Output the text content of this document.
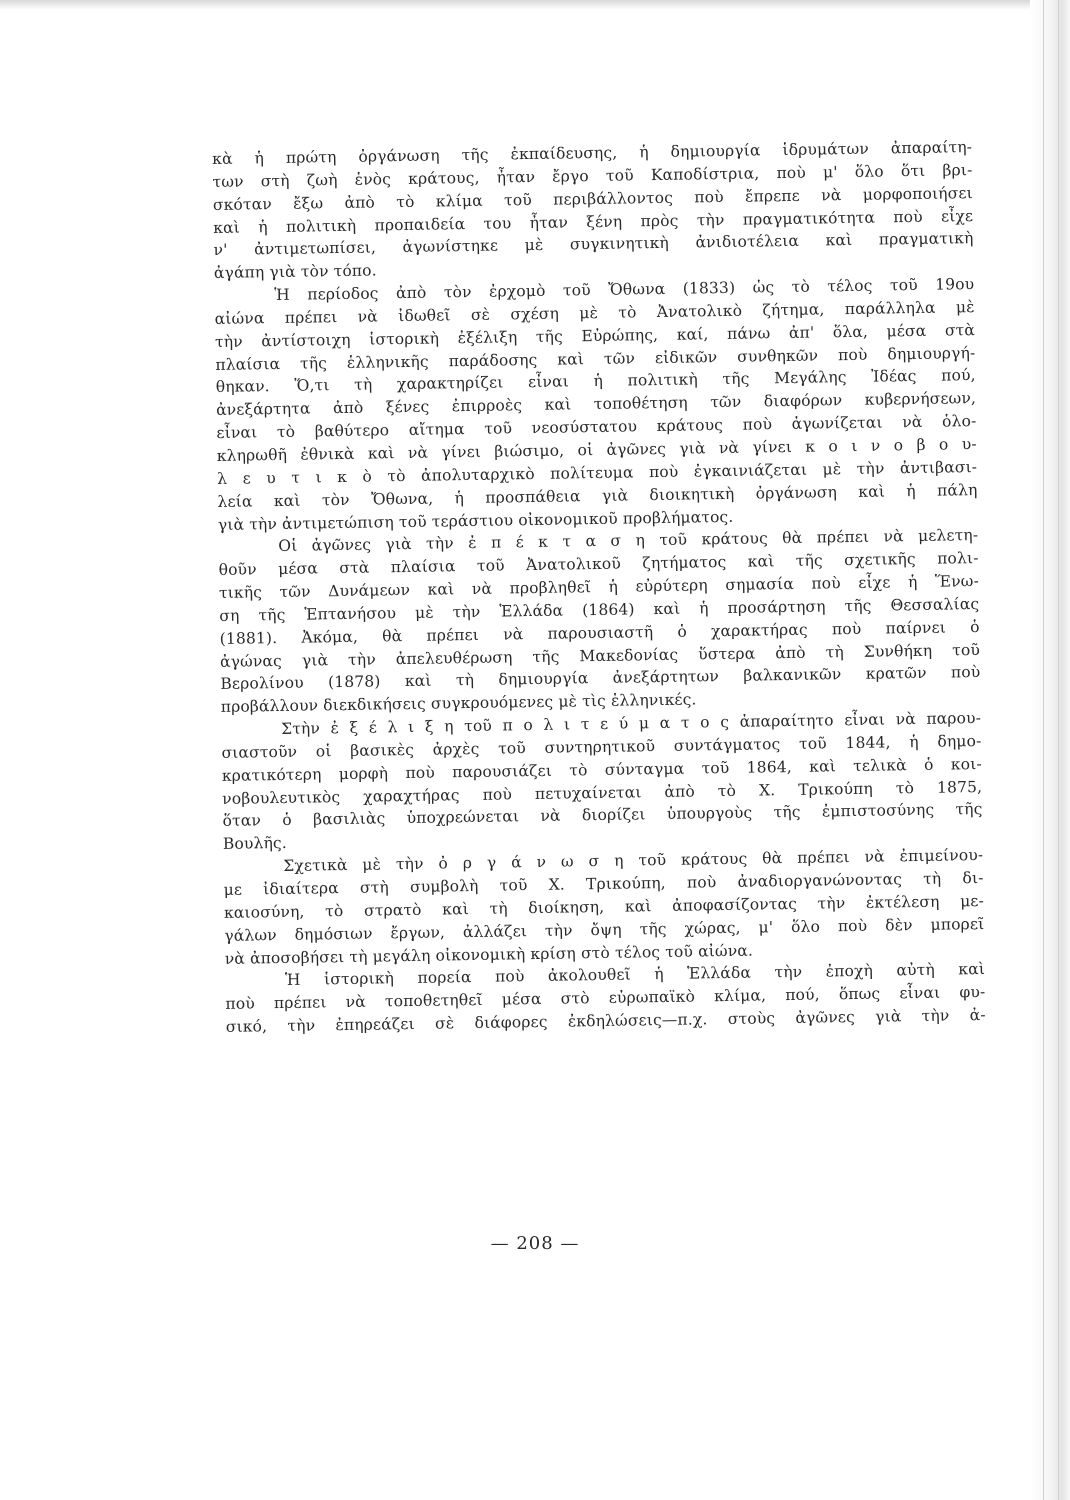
κὰ ἡ πρώτη ὀργάνωση τῆς ἐκπαίδευσης, ἡ δημιουργία ἱδρυμάτων ἀπαραίτη-
των στὴ ζωὴ ἑνὸς κράτους, ἦταν ἔργο τοῦ Καποδίστρια, ποὺ μ' ὅλο ὅτι βρι-
σκόταν ἔξω ἀπὸ τὸ κλίμα τοῦ περιβάλλοντος ποὺ ἔπρεπε νὰ μορφοποιήσει
καὶ ἡ πολιτικὴ προπαιδεία του ἦταν ξένη πρὸς τὴν πραγματικότητα ποὺ εἶχε
ν' ἀντιμετωπίσει, ἀγωνίστηκε μὲ συγκινητικὴ ἀνιδιοτέλεια καὶ πραγματικὴ
ἀγάπη γιὰ τὸν τόπο.
Ἡ περίοδος ἀπὸ τὸν ἐρχομὸ τοῦ Ὄθωνα (1833) ὡς τὸ τέλος τοῦ 19ου
αἰώνα πρέπει νὰ ἰδωθεῖ σὲ σχέση μὲ τὸ Ἀνατολικὸ ζήτημα, παράλληλα μὲ
τὴν ἀντίστοιχη ἱστορικὴ ἐξέλιξη τῆς Εὐρώπης, καί, πάνω ἀπ' ὅλα, μέσα στὰ
πλαίσια τῆς ἑλληνικῆς παράδοσης καὶ τῶν εἰδικῶν συνθηκῶν ποὺ δημιουργή-
θηκαν. Ὅ,τι τὴ χαρακτηρίζει εἶναι ἡ πολιτικὴ τῆς Μεγάλης Ἰδέας πού,
ἀνεξάρτητα ἀπὸ ξένες ἐπιρροὲς καὶ τοποθέτηση τῶν διαφόρων κυβερνήσεων,
εἶναι τὸ βαθύτερο αἴτημα τοῦ νεοσύστατου κράτους ποὺ ἀγωνίζεται νὰ ὁλο-
κληρωθῆ ἐθνικὰ καὶ νὰ γίνει βιώσιμο, οἱ ἀγῶνες γιὰ νὰ γίνει κ ο ι ν ο β ο υ-
λ ε υ τ ι κ ὸ τὸ ἀπολυταρχικὸ πολίτευμα ποὺ ἐγκαινιάζεται μὲ τὴν ἀντιβασι-
λεία καὶ τὸν Ὄθωνα, ἡ προσπάθεια γιὰ διοικητικὴ ὀργάνωση καὶ ἡ πάλη
γιὰ τὴν ἀντιμετώπιση τοῦ τεράστιου οἰκονομικοῦ προβλήματος.
Οἱ ἀγῶνες γιὰ τὴν ἐ π έ κ τ α σ η τοῦ κράτους θὰ πρέπει νὰ μελετη-
θοῦν μέσα στὰ πλαίσια τοῦ Ἀνατολικοῦ ζητήματος καὶ τῆς σχετικῆς πολι-
τικῆς τῶν Δυνάμεων καὶ νὰ προβληθεῖ ἡ εὐρύτερη σημασία ποὺ εἶχε ἡ Ἕνω-
ση τῆς Ἑπτανήσου μὲ τὴν Ἑλλάδα (1864) καὶ ἡ προσάρτηση τῆς Θεσσαλίας
(1881). Ἀκόμα, θὰ πρέπει νὰ παρουσιαστῆ ὁ χαρακτήρας ποὺ παίρνει ὁ
ἀγώνας γιὰ τὴν ἀπελευθέρωση τῆς Μακεδονίας ὕστερα ἀπὸ τὴ Συνθήκη τοῦ
Βερολίνου (1878) καὶ τὴ δημιουργία ἀνεξάρτητων βαλκανικῶν κρατῶν ποὺ
προβάλλουν διεκδικήσεις συγκρουόμενες μὲ τὶς ἑλληνικές.
Στὴν ἐ ξ έ λ ι ξ η τοῦ π ο λ ι τ ε ύ μ α τ ο ς ἀπαραίτητο εἶναι νὰ παρου-
σιαστοῦν οἱ βασικὲς ἀρχὲς τοῦ συντηρητικοῦ συντάγματος τοῦ 1844, ἡ δημο-
κρατικότερη μορφὴ ποὺ παρουσιάζει τὸ σύνταγμα τοῦ 1864, καὶ τελικὰ ὁ κοι-
νοβουλευτικὸς χαραχτήρας ποὺ πετυχαίνεται ἀπὸ τὸ Χ. Τρικούπη τὸ 1875,
ὅταν ὁ βασιλιὰς ὑποχρεώνεται νὰ διορίζει ὑπουργοὺς τῆς ἐμπιστοσύνης τῆς
Βουλῆς.
Σχετικὰ μὲ τὴν ὀ ρ γ ά ν ω σ η τοῦ κράτους θὰ πρέπει νὰ ἐπιμείνου-
με ἰδιαίτερα στὴ συμβολὴ τοῦ Χ. Τρικούπη, ποὺ ἀναδιοργανώνοντας τὴ δι-
καιοσύνη, τὸ στρατὸ καὶ τὴ διοίκηση, καὶ ἀποφασίζοντας τὴν ἐκτέλεση με-
γάλων δημόσιων ἔργων, ἀλλάζει τὴν ὄψη τῆς χώρας, μ' ὅλο ποὺ δὲν μπορεῖ
νὰ ἀποσοβήσει τὴ μεγάλη οἰκονομικὴ κρίση στὸ τέλος τοῦ αἰώνα.
Ἡ ἱστορικὴ πορεία ποὺ ἀκολουθεῖ ἡ Ἑλλάδα τὴν ἐποχὴ αὐτὴ καὶ
ποὺ πρέπει νὰ τοποθετηθεῖ μέσα στὸ εὐρωπαϊκὸ κλίμα, πού, ὅπως εἶναι φυ-
σικό, τὴν ἐπηρεάζει σὲ διάφορες ἐκδηλώσεις—π.χ. στοὺς ἀγῶνες γιὰ τὴν ἀ-
— 208 —
